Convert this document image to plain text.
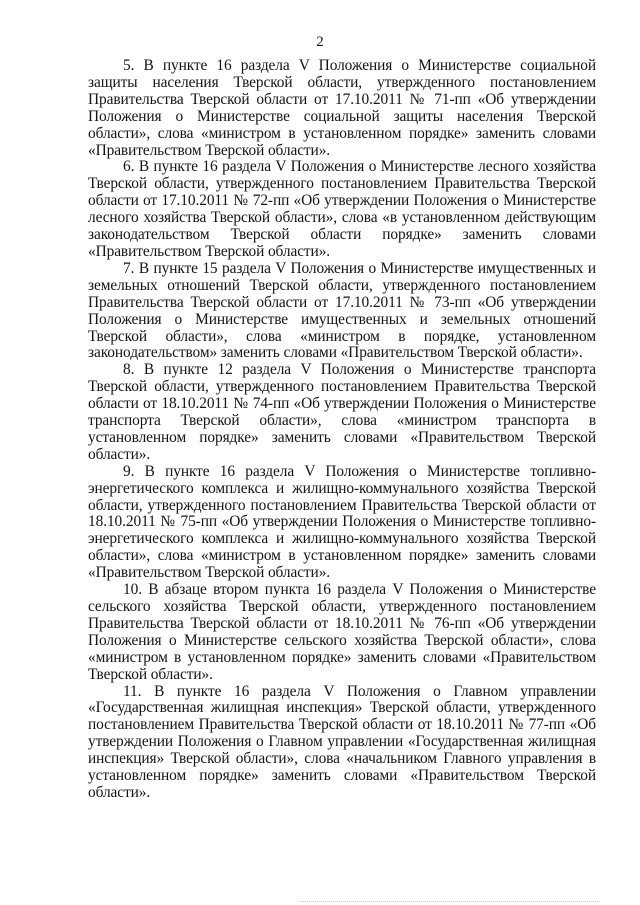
2

5. В пункте 16 раздела V Положения о Министерстве социальной защиты населения Тверской области, утвержденного постановлением Правительства Тверской области от 17.10.2011 № 71-пп «Об утверждении Положения о Министерстве социальной защиты населения Тверской области», слова «министром в установленном порядке» заменить словами «Правительством Тверской области».

6. В пункте 16 раздела V Положения о Министерстве лесного хозяйства Тверской области, утвержденного постановлением Правительства Тверской области от 17.10.2011 № 72-пп «Об утверждении Положения о Министерстве лесного хозяйства Тверской области», слова «в установленном действующим законодательством Тверской области порядке» заменить словами «Правительством Тверской области».

7. В пункте 15 раздела V Положения о Министерстве имущественных и земельных отношений Тверской области, утвержденного постановлением Правительства Тверской области от 17.10.2011 № 73-пп «Об утверждении Положения о Министерстве имущественных и земельных отношений Тверской области», слова «министром в порядке, установленном законодательством» заменить словами «Правительством Тверской области».

8. В пункте 12 раздела V Положения о Министерстве транспорта Тверской области, утвержденного постановлением Правительства Тверской области от 18.10.2011 № 74-пп «Об утверждении Положения о Министерстве транспорта Тверской области», слова «министром транспорта в установленном порядке» заменить словами «Правительством Тверской области».

9. В пункте 16 раздела V Положения о Министерстве топливно-энергетического комплекса и жилищно-коммунального хозяйства Тверской области, утвержденного постановлением Правительства Тверской области от 18.10.2011 № 75-пп «Об утверждении Положения о Министерстве топливно-энергетического комплекса и жилищно-коммунального хозяйства Тверской области», слова «министром в установленном порядке» заменить словами «Правительством Тверской области».

10. В абзаце втором пункта 16 раздела V Положения о Министерстве сельского хозяйства Тверской области, утвержденного постановлением Правительства Тверской области от 18.10.2011 № 76-пп «Об утверждении Положения о Министерстве сельского хозяйства Тверской области», слова «министром в установленном порядке» заменить словами «Правительством Тверской области».

11. В пункте 16 раздела V Положения о Главном управлении «Государственная жилищная инспекция» Тверской области, утвержденного постановлением Правительства Тверской области от 18.10.2011 № 77-пп «Об утверждении Положения о Главном управлении «Государственная жилищная инспекция» Тверской области», слова «начальником Главного управления в установленном порядке» заменить словами «Правительством Тверской области».
